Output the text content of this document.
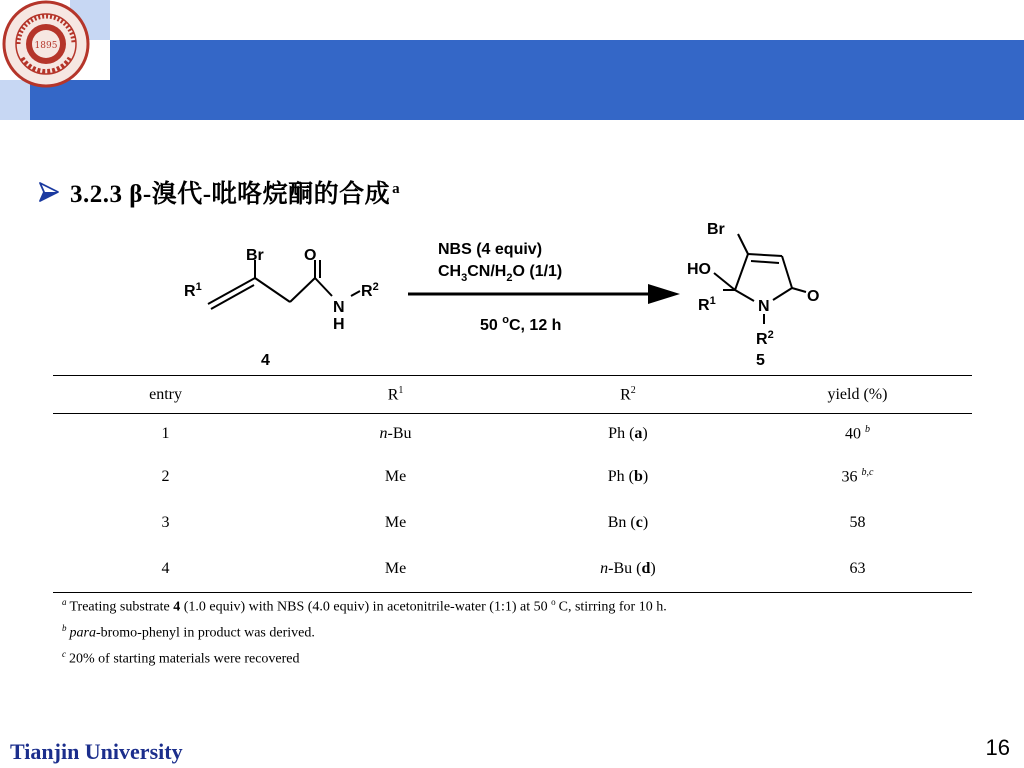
1895
3.2.3 β-溴代-吡咯烷酮的合成 $^a$
Br	O
$R^1$
N
H
$R^2$
4
NBS (4 equiv)
$CH_3CN/H_2O$ (1/1)
50 $^o$C, 12 h
Br
HO
O
$R^1$	N
$R^2$
5
entry	$R^1$	$R^2$	yield (%)
1	n-Bu	Ph (a)	40 $^b$
2	Me	Ph (b)	36 $^{b,c}$
3	Me	Bn (c)	58
4	Me	n-Bu (d)	63
$^a$ Treating substrate 4 (1.0 equiv) with NBS (4.0 equiv) in acetonitrile-water (1:1) at 50 $^o$ C, stirring for 10 h.
$^b$ para-bromo-phenyl in product was derived.
$^c$ 20% of starting materials were recovered
Tianjin University	16
